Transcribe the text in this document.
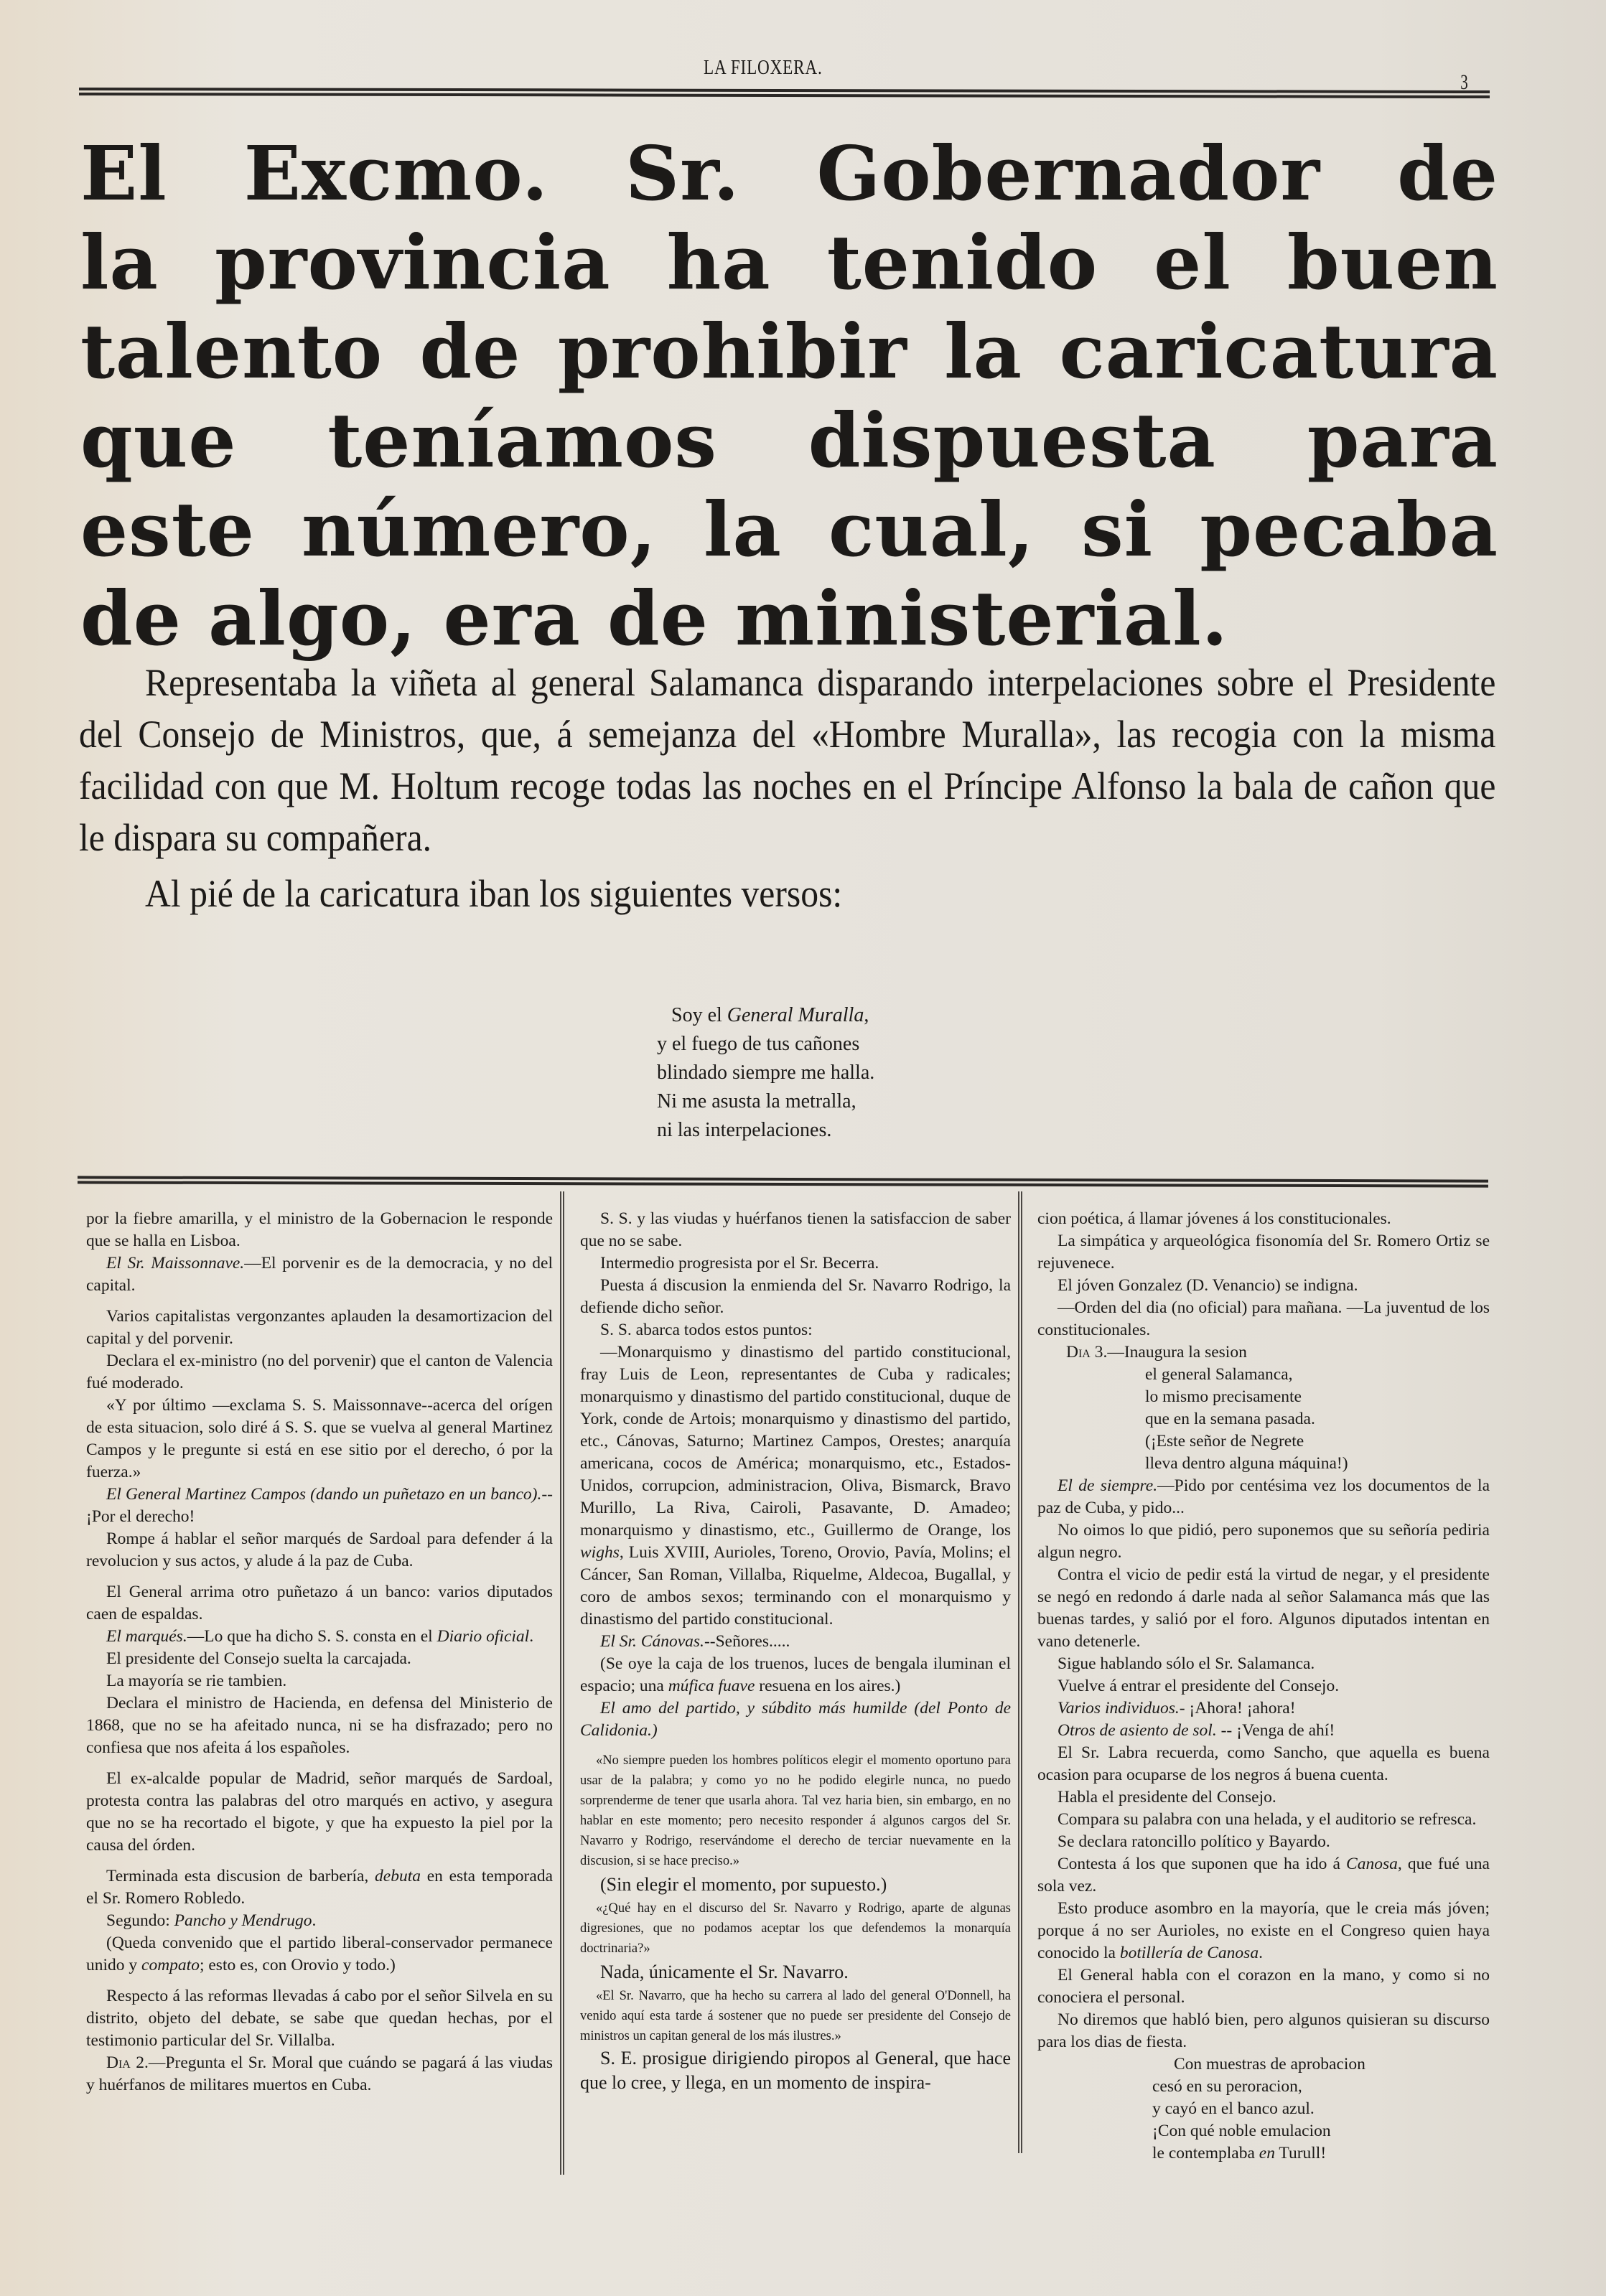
LA FILOXERA.
3
El Excmo. Sr. Gobernador de
la provincia ha tenido el buen
talento de prohibir la caricatura
que teníamos dispuesta para
este número, la cual, si pecaba
de algo, era de ministerial.

Representaba la viñeta al general Salamanca disparando interpelaciones sobre el Presidente del Consejo de Ministros, que, á semejanza del «Hombre Muralla», las recogia con la misma facilidad con que M. Holtum recoge todas las noches en el Príncipe Alfonso la bala de cañon que le dispara su compañera.

Al pié de la caricatura iban los siguientes versos:

Soy el General Muralla,
y el fuego de tus cañones
blindado siempre me halla.
Ni me asusta la metralla,
ni las interpelaciones.

por la fiebre amarilla, y el ministro de la Gobernacion le responde que se halla en Lisboa.

El Sr. Maissonnave.—El porvenir es de la democracia, y no del capital.

Varios capitalistas vergonzantes aplauden la desamortizacion del capital y del porvenir.

Declara el ex-ministro (no del porvenir) que el canton de Valencia fué moderado.

«Y por último —exclama S. S. Maissonnave--acerca del orígen de esta situacion, solo diré á S. S. que se vuelva al general Martinez Campos y le pregunte si está en ese sitio por el derecho, ó por la fuerza.»

El General Martinez Campos (dando un puñetazo en un banco).--¡Por el derecho!

Rompe á hablar el señor marqués de Sardoal para defender á la revolucion y sus actos, y alude á la paz de Cuba.

El General arrima otro puñetazo á un banco: varios diputados caen de espaldas.

El marqués.—Lo que ha dicho S. S. consta en el Diario oficial.

El presidente del Consejo suelta la carcajada.

La mayoría se rie tambien.

Declara el ministro de Hacienda, en defensa del Ministerio de 1868, que no se ha afeitado nunca, ni se ha disfrazado; pero no confiesa que nos afeita á los españoles.

El ex-alcalde popular de Madrid, señor marqués de Sardoal, protesta contra las palabras del otro marqués en activo, y asegura que no se ha recortado el bigote, y que ha expuesto la piel por la causa del órden.

Terminada esta discusion de barbería, debuta en esta temporada el Sr. Romero Robledo.

Segundo: Pancho y Mendrugo.

(Queda convenido que el partido liberal-conservador permanece unido y compato; esto es, con Orovio y todo.)

Respecto á las reformas llevadas á cabo por el señor Silvela en su distrito, objeto del debate, se sabe que quedan hechas, por el testimonio particular del Sr. Villalba.

Dia 2.—Pregunta el Sr. Moral que cuándo se pagará á las viudas y huérfanos de militares muertos en Cuba.

S. S. y las viudas y huérfanos tienen la satisfaccion de saber que no se sabe.

Intermedio progresista por el Sr. Becerra.

Puesta á discusion la enmienda del Sr. Navarro Rodrigo, la defiende dicho señor.

S. S. abarca todos estos puntos:

—Monarquismo y dinastismo del partido constitucional, fray Luis de Leon, representantes de Cuba y radicales; monarquismo y dinastismo del partido constitucional, duque de York, conde de Artois; monarquismo y dinastismo del partido, etc., Cánovas, Saturno; Martinez Campos, Orestes; anarquía americana, cocos de América; monarquismo, etc., Estados-Unidos, corrupcion, administracion, Oliva, Bismarck, Bravo Murillo, La Riva, Cairoli, Pasavante, D. Amadeo; monarquismo y dinastismo, etc., Guillermo de Orange, los wighs, Luis XVIII, Aurioles, Toreno, Orovio, Pavía, Molins; el Cáncer, San Roman, Villalba, Riquelme, Aldecoa, Bugallal, y coro de ambos sexos; terminando con el monarquismo y dinastismo del partido constitucional.

El Sr. Cánovas.--Señores.....

(Se oye la caja de los truenos, luces de bengala iluminan el espacio; una múfica fuave resuena en los aires.)

El amo del partido, y súbdito más humilde (del Ponto de Calidonia.)

«No siempre pueden los hombres políticos elegir el momento oportuno para usar de la palabra; y como yo no he podido elegirle nunca, no puedo sorprenderme de tener que usarla ahora. Tal vez haria bien, sin embargo, en no hablar en este momento; pero necesito responder á algunos cargos del Sr. Navarro y Rodrigo, reservándome el derecho de terciar nuevamente en la discusion, si se hace preciso.»

(Sin elegir el momento, por supuesto.)

«¿Qué hay en el discurso del Sr. Navarro y Rodrigo, aparte de algunas digresiones, que no podamos aceptar los que defendemos la monarquía doctrinaria?»

Nada, únicamente el Sr. Navarro.

«El Sr. Navarro, que ha hecho su carrera al lado del general O'Donnell, ha venido aquí esta tarde á sostener que no puede ser presidente del Consejo de ministros un capitan general de los más ilustres.»

S. E. prosigue dirigiendo piropos al General, que hace que lo cree, y llega, en un momento de inspira-

cion poética, á llamar jóvenes á los constitucionales.

La simpática y arqueológica fisonomía del Sr. Romero Ortiz se rejuvenece.

El jóven Gonzalez (D. Venancio) se indigna.

—Orden del dia (no oficial) para mañana. —La juventud de los constitucionales.

Dia 3.—Inaugura la sesion

el general Salamanca,

lo mismo precisamente

que en la semana pasada.

(¡Este señor de Negrete

lleva dentro alguna máquina!)

El de siempre.—Pido por centésima vez los documentos de la paz de Cuba, y pido...

No oimos lo que pidió, pero suponemos que su señoría pediria algun negro.

Contra el vicio de pedir está la virtud de negar, y el presidente se negó en redondo á darle nada al señor Salamanca más que las buenas tardes, y salió por el foro. Algunos diputados intentan en vano detenerle.

Sigue hablando sólo el Sr. Salamanca.

Vuelve á entrar el presidente del Consejo.

Varios individuos.- ¡Ahora! ¡ahora!

Otros de asiento de sol. -- ¡Venga de ahí!

El Sr. Labra recuerda, como Sancho, que aquella es buena ocasion para ocuparse de los negros á buena cuenta.

Habla el presidente del Consejo.

Compara su palabra con una helada, y el auditorio se refresca.

Se declara ratoncillo político y Bayardo.

Contesta á los que suponen que ha ido á Canosa, que fué una sola vez.

Esto produce asombro en la mayoría, que le creia más jóven; porque á no ser Aurioles, no existe en el Congreso quien haya conocido la botillería de Canosa.

El General habla con el corazon en la mano, y como si no conociera el personal.

No diremos que habló bien, pero algunos quisieran su discurso para los dias de fiesta.

Con muestras de aprobacion

cesó en su peroracion,

y cayó en el banco azul.

¡Con qué noble emulacion

le contemplaba en Turull!
